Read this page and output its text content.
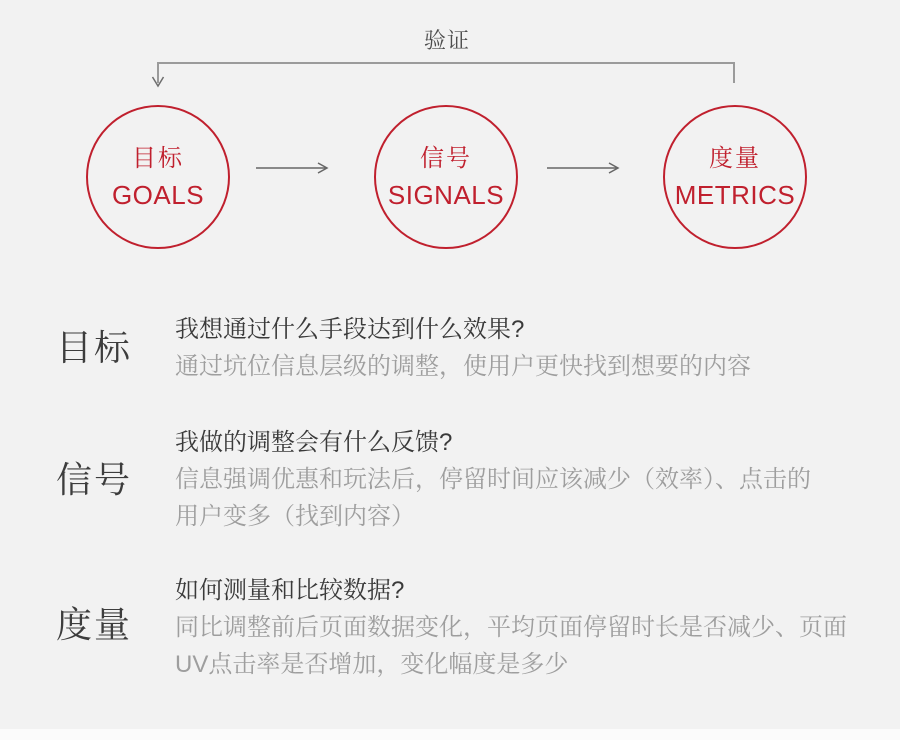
验证
目标
GOALS
信号
SIGNALS
度量
METRICS
目标 我想通过什么手段达到什么效果?
通过坑位信息层级的调整，使用户更快找到想要的内容
信号
我做的调整会有什么反馈?
信息强调优惠和玩法后，停留时间应该减少（效率）、点击的
用户变多（找到内容）
度量
如何测量和比较数据?
同比调整前后页面数据变化，平均页面停留时长是否减少、页面
UV点击率是否增加，变化幅度是多少
